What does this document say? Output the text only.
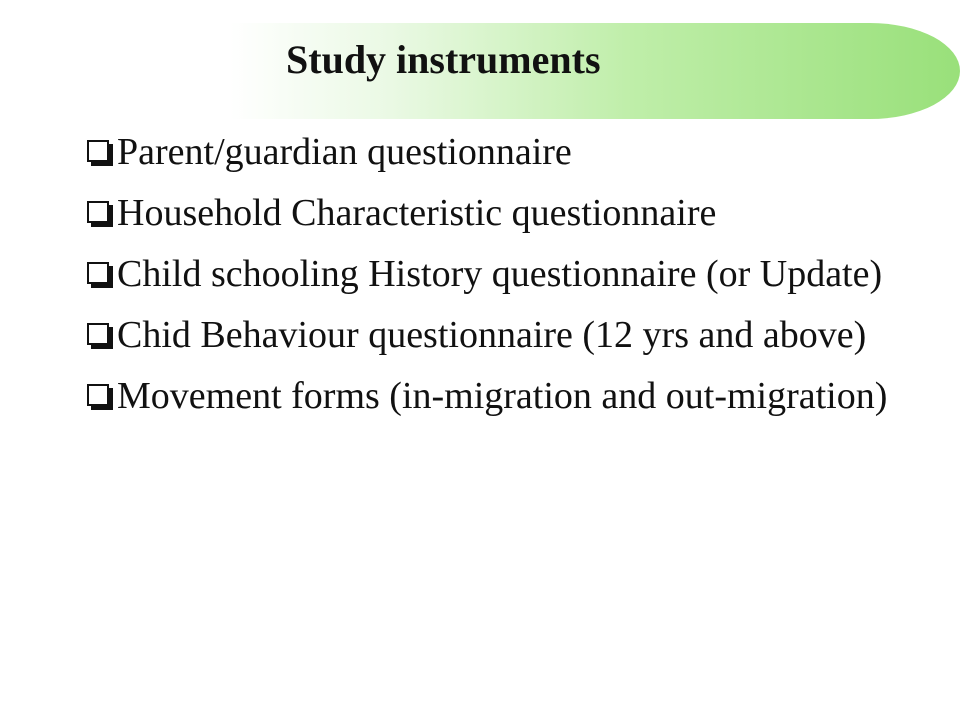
Study instruments
Parent/guardian questionnaire
Household Characteristic questionnaire
Child schooling History questionnaire (or Update)
Chid Behaviour questionnaire (12 yrs and above)
Movement forms (in-migration and out-migration)
